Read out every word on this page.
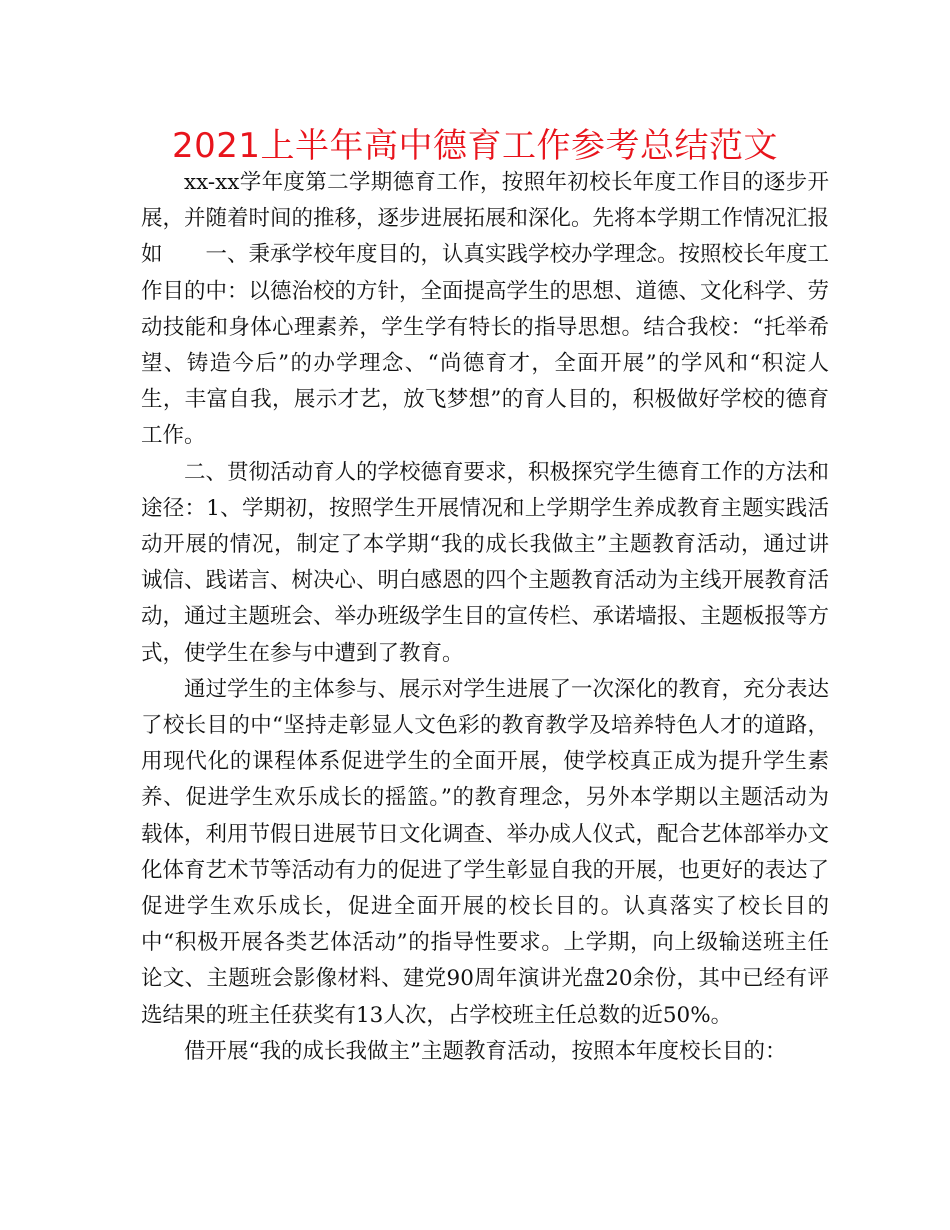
2021上半年高中德育工作参考总结范文

xx-xx学年度第二学期德育工作，按照年初校长年度工作目的逐步开展，并随着时间的推移，逐步进展拓展和深化。先将本学期工作情况汇报如　　一、秉承学校年度目的，认真实践学校办学理念。按照校长年度工作目的中：以德治校的方针，全面提高学生的思想、道德、文化科学、劳动技能和身体心理素养，学生学有特长的指导思想。结合我校：“托举希望、铸造今后”的办学理念、“尚德育才，全面开展”的学风和“积淀人生，丰富自我，展示才艺，放飞梦想”的育人目的，积极做好学校的德育工作。

二、贯彻活动育人的学校德育要求，积极探究学生德育工作的方法和途径：1、学期初，按照学生开展情况和上学期学生养成教育主题实践活动开展的情况，制定了本学期“我的成长我做主”主题教育活动，通过讲诚信、践诺言、树决心、明白感恩的四个主题教育活动为主线开展教育活动，通过主题班会、举办班级学生目的宣传栏、承诺墙报、主题板报等方式，使学生在参与中遭到了教育。

通过学生的主体参与、展示对学生进展了一次深化的教育，充分表达了校长目的中“坚持走彰显人文色彩的教育教学及培养特色人才的道路，用现代化的课程体系促进学生的全面开展，使学校真正成为提升学生素养、促进学生欢乐成长的摇篮。”的教育理念，另外本学期以主题活动为载体，利用节假日进展节日文化调查、举办成人仪式，配合艺体部举办文化体育艺术节等活动有力的促进了学生彰显自我的开展，也更好的表达了促进学生欢乐成长，促进全面开展的校长目的。认真落实了校长目的中“积极开展各类艺体活动”的指导性要求。上学期，向上级输送班主任论文、主题班会影像材料、建党90周年演讲光盘20余份，其中已经有评选结果的班主任获奖有13人次，占学校班主任总数的近50%。

借开展“我的成长我做主”主题教育活动，按照本年度校长目的：
